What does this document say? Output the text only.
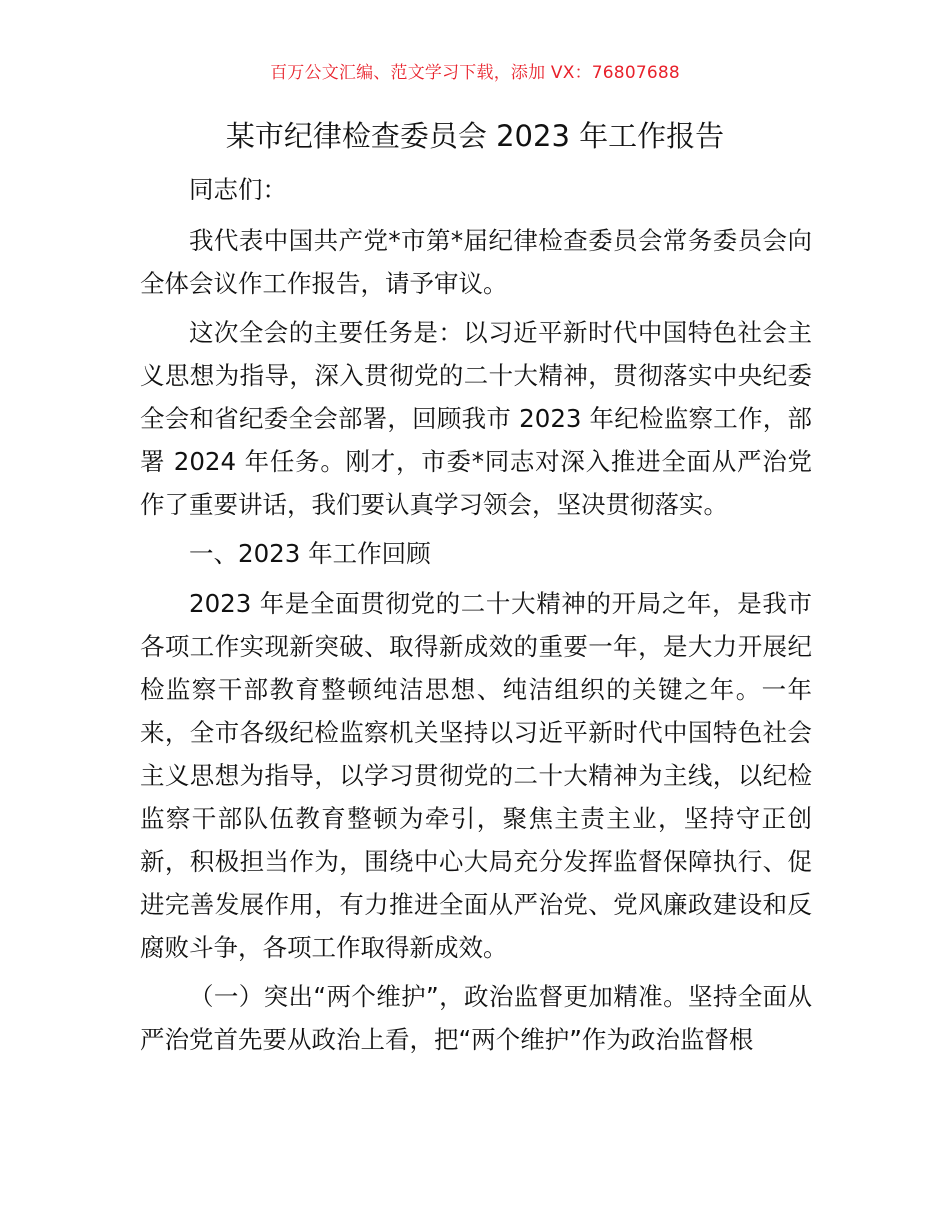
百万公文汇编、范文学习下载，添加 VX：76807688
某市纪律检查委员会 2023 年工作报告

同志们：

我代表中国共产党*市第*届纪律检查委员会常务委员会向全体会议作工作报告，请予审议。

这次全会的主要任务是：以习近平新时代中国特色社会主义思想为指导，深入贯彻党的二十大精神，贯彻落实中央纪委全会和省纪委全会部署，回顾我市 2023 年纪检监察工作，部署 2024 年任务。刚才，市委*同志对深入推进全面从严治党作了重要讲话，我们要认真学习领会，坚决贯彻落实。

一、2023 年工作回顾

2023 年是全面贯彻党的二十大精神的开局之年，是我市各项工作实现新突破、取得新成效的重要一年，是大力开展纪检监察干部教育整顿纯洁思想、纯洁组织的关键之年。一年来，全市各级纪检监察机关坚持以习近平新时代中国特色社会主义思想为指导，以学习贯彻党的二十大精神为主线，以纪检监察干部队伍教育整顿为牵引，聚焦主责主业，坚持守正创新，积极担当作为，围绕中心大局充分发挥监督保障执行、促进完善发展作用，有力推进全面从严治党、党风廉政建设和反腐败斗争，各项工作取得新成效。

（一）突出“两个维护”，政治监督更加精准。坚持全面从严治党首先要从政治上看，把“两个维护”作为政治监督根
